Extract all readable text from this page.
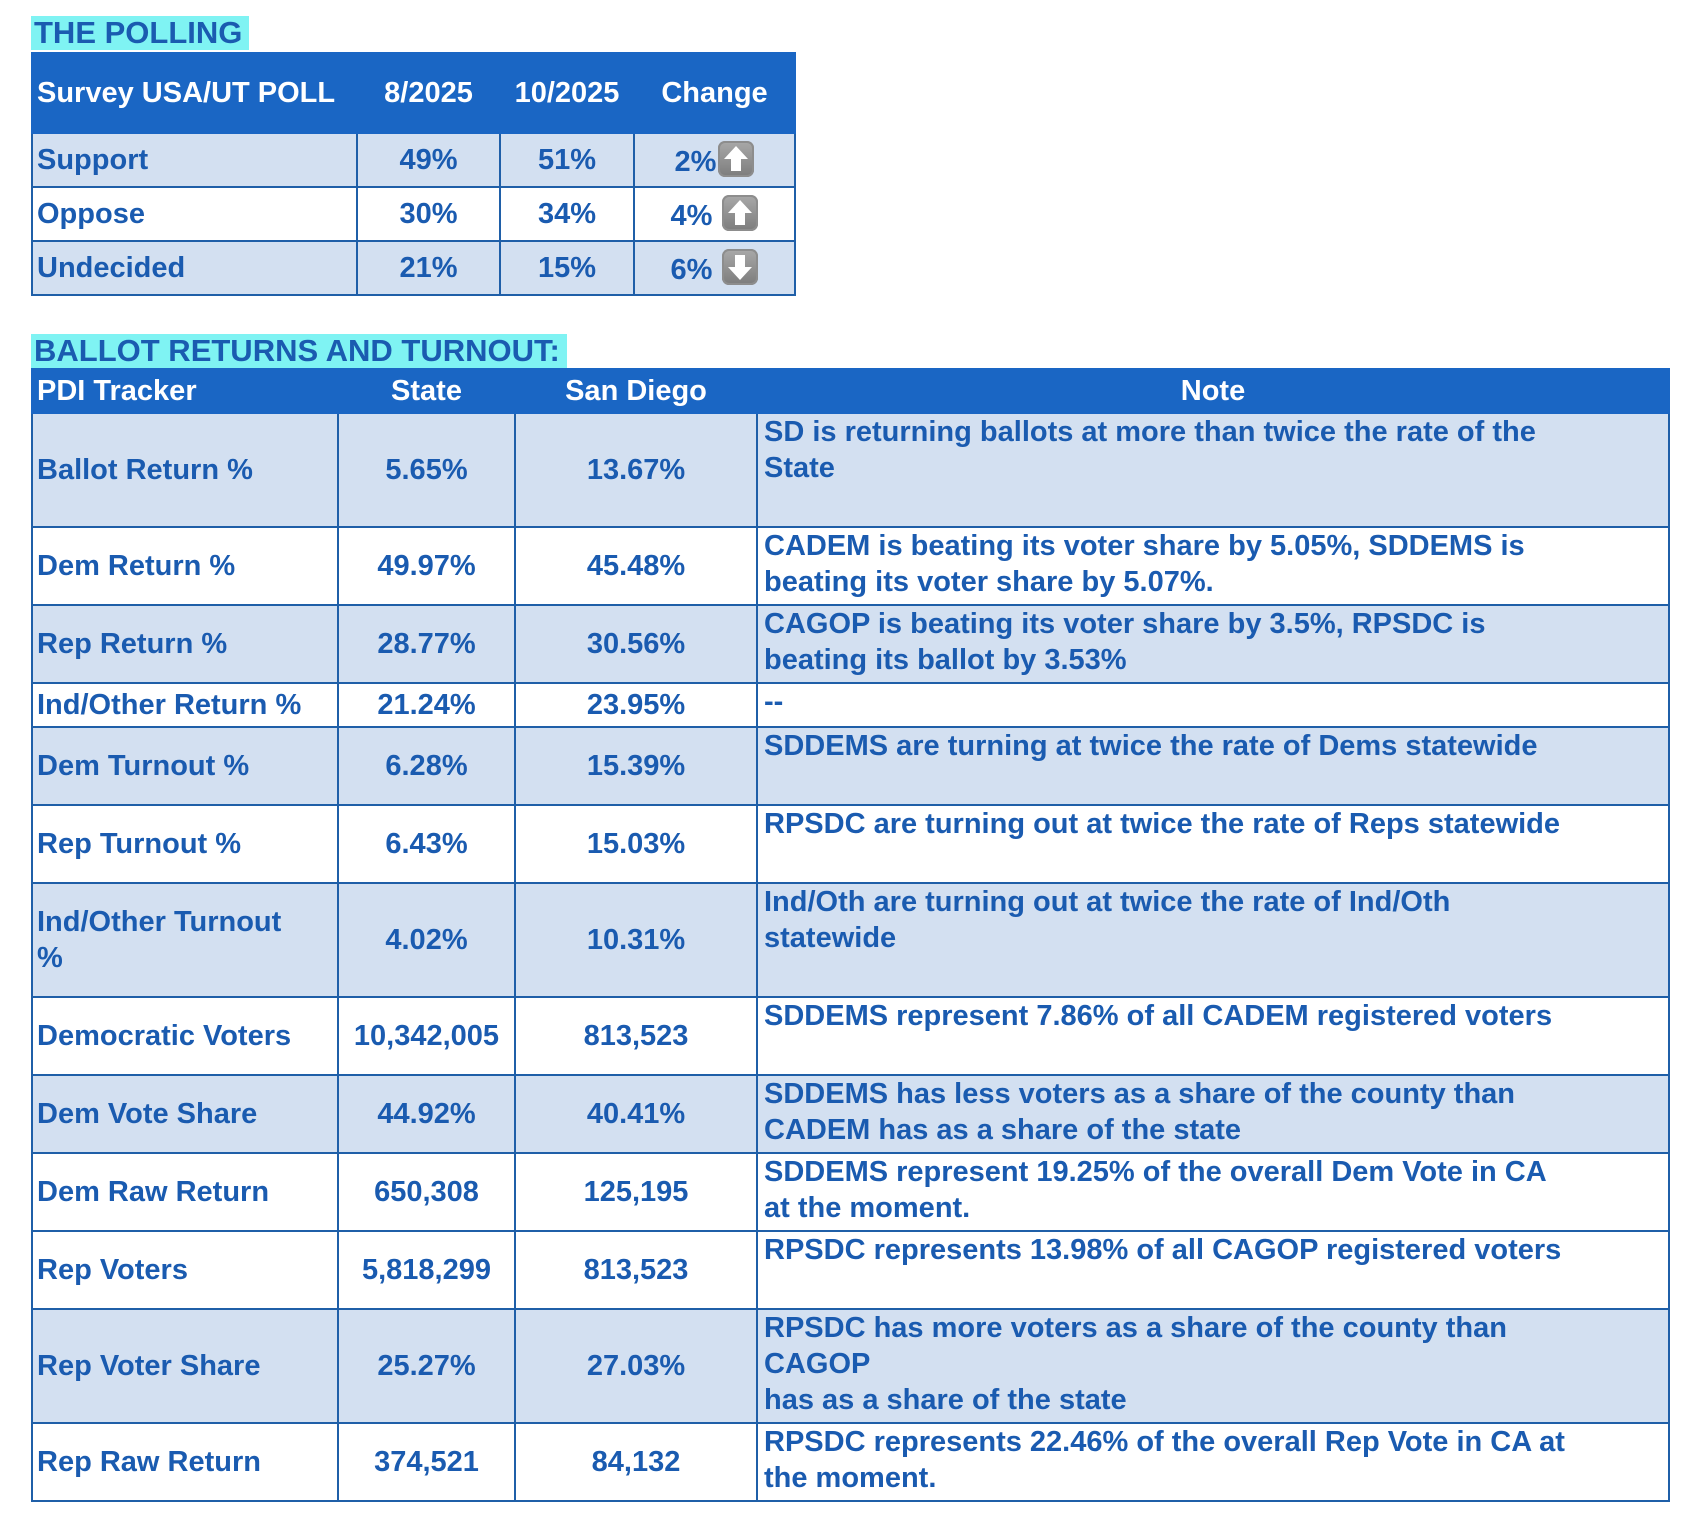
THE POLLING
Survey USA/UT POLL	8/2025	10/2025	Change
Support	49%	51%	2%

Oppose	30%	34%	4%

Undecided	21%	15%	6%
BALLOT RETURNS AND TURNOUT:
PDI Tracker	State	San Diego	Note
Ballot Return %	5.65%	13.67%	SD is returning ballots at more than twice the rate of the
State
Dem Return %	49.97%	45.48%	CADEM is beating its voter share by 5.05%, SDDEMS is
beating its voter share by 5.07%.
Rep Return %	28.77%	30.56%	CAGOP is beating its voter share by 3.5%, RPSDC is
beating its ballot by 3.53%
Ind/Other Return %	21.24%	23.95%	--
Dem Turnout %	6.28%	15.39%	SDDEMS are turning at twice the rate of Dems statewide
Rep Turnout %	6.43%	15.03%	RPSDC are turning out at twice the rate of Reps statewide
Ind/Other Turnout
%	4.02%	10.31%	Ind/Oth are turning out at twice the rate of Ind/Oth
statewide
Democratic Voters	10,342,005	813,523	SDDEMS represent 7.86% of all CADEM registered voters
Dem Vote Share	44.92%	40.41%	SDDEMS has less voters as a share of the county than
CADEM has as a share of the state
Dem Raw Return	650,308	125,195	SDDEMS represent 19.25% of the overall Dem Vote in CA
at the moment.
Rep Voters	5,818,299	813,523	RPSDC represents 13.98% of all CAGOP registered voters
Rep Voter Share	25.27%	27.03%	RPSDC has more voters as a share of the county than
CAGOP
has as a share of the state
Rep Raw Return	374,521	84,132	RPSDC represents 22.46% of the overall Rep Vote in CA at
the moment.
